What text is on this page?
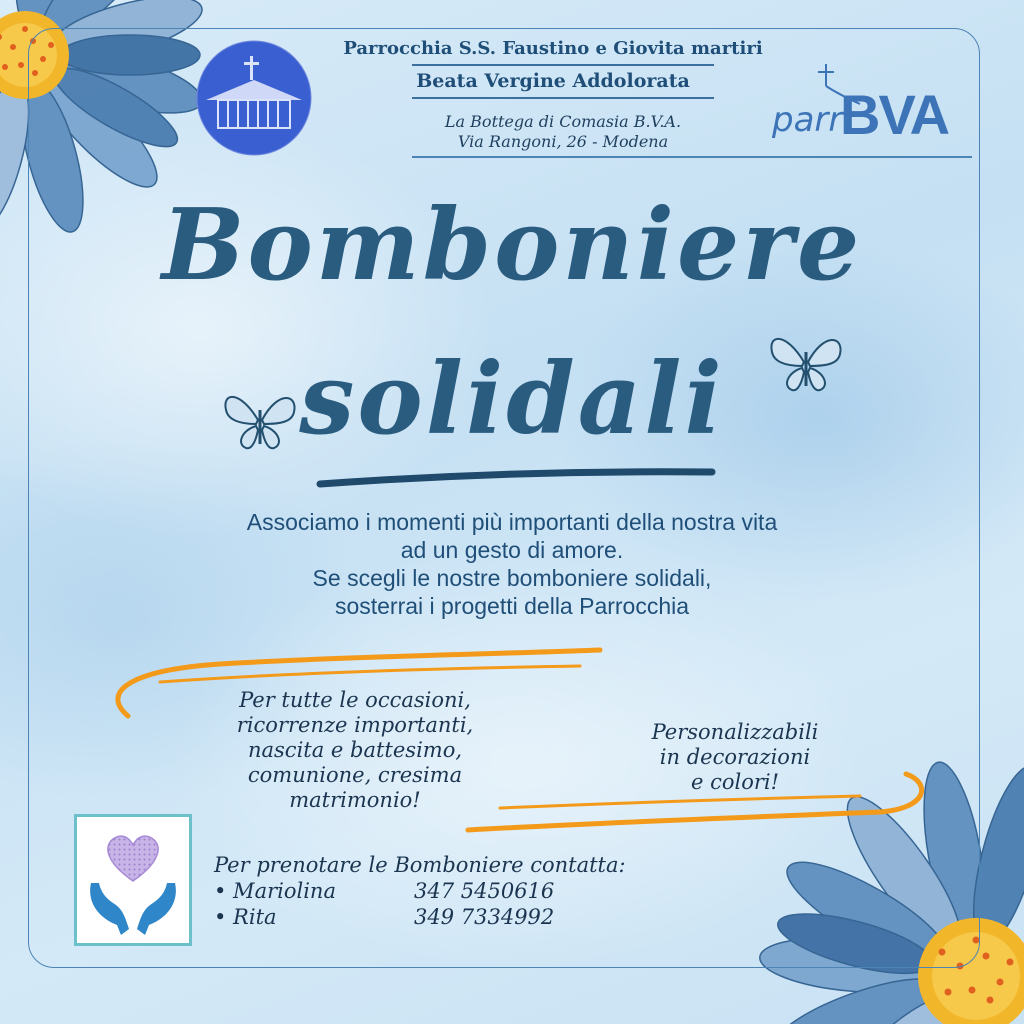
Parrocchia S.S. Faustino e Giovita martiri
Beata Vergine Addolorata
La Bottega di Comasia B.V.A.
Via Rangoni, 26 - Modena
parr
BVA
Bomboniere
solidali
Associamo i momenti più importanti della nostra vita
ad un gesto di amore.
Se scegli le nostre bomboniere solidali,
sosterrai i progetti della Parrocchia
Per tutte le occasioni,
ricorrenze importanti,
nascita e battesimo,
comunione, cresima
matrimonio!
Personalizzabili
in decorazioni
e colori!
Per prenotare le Bomboniere contatta:
• Mariolina	347 5450616
• Rita	349 7334992
